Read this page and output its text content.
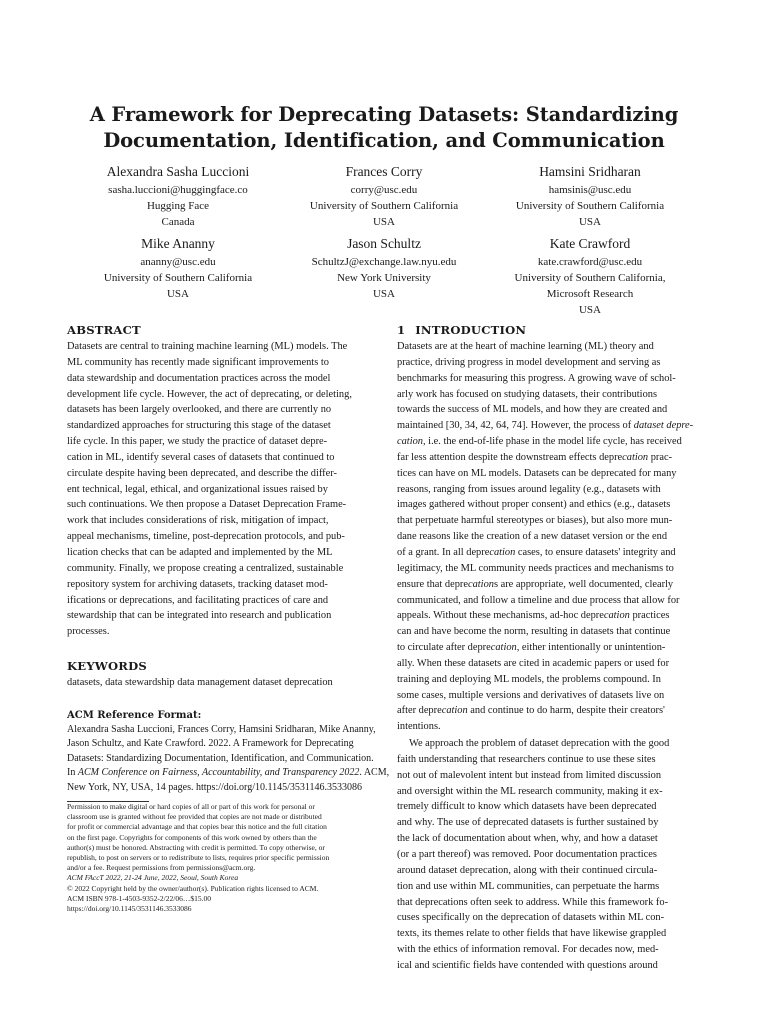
A Framework for Deprecating Datasets: Standardizing
Documentation, Identification, and Communication
Alexandra Sasha Luccioni
sasha.luccioni@huggingface.co
Hugging Face
Canada
Frances Corry
corry@usc.edu
University of Southern California
USA
Hamsini Sridharan
hamsinis@usc.edu
University of Southern California
USA
Mike Ananny
ananny@usc.edu
University of Southern California
USA
Jason Schultz
SchultzJ@exchange.law.nyu.edu
New York University
USA
Kate Crawford
kate.crawford@usc.edu
University of Southern California,
Microsoft Research
USA
ABSTRACT

Datasets are central to training machine learning (ML) models. The
ML community has recently made significant improvements to
data stewardship and documentation practices across the model
development life cycle. However, the act of deprecating, or deleting,
datasets has been largely overlooked, and there are currently no
standardized approaches for structuring this stage of the dataset
life cycle. In this paper, we study the practice of dataset depre-
cation in ML, identify several cases of datasets that continued to
circulate despite having been deprecated, and describe the differ-
ent technical, legal, ethical, and organizational issues raised by
such continuations. We then propose a Dataset Deprecation Frame-
work that includes considerations of risk, mitigation of impact,
appeal mechanisms, timeline, post-deprecation protocols, and pub-
lication checks that can be adapted and implemented by the ML
community. Finally, we propose creating a centralized, sustainable
repository system for archiving datasets, tracking dataset mod-
ifications or deprecations, and facilitating practices of care and
stewardship that can be integrated into research and publication
processes.

KEYWORDS

datasets, data stewardship data management dataset deprecation

ACM Reference Format:

Alexandra Sasha Luccioni, Frances Corry, Hamsini Sridharan, Mike Ananny,
Jason Schultz, and Kate Crawford. 2022. A Framework for Deprecating
Datasets: Standardizing Documentation, Identification, and Communication.
In ACM Conference on Fairness, Accountability, and Transparency 2022. ACM,
New York, NY, USA, 14 pages. https://doi.org/10.1145/3531146.3533086

Permission to make digital or hard copies of all or part of this work for personal or
classroom use is granted without fee provided that copies are not made or distributed
for profit or commercial advantage and that copies bear this notice and the full citation
on the first page. Copyrights for components of this work owned by others than the
author(s) must be honored. Abstracting with credit is permitted. To copy otherwise, or
republish, to post on servers or to redistribute to lists, requires prior specific permission
and/or a fee. Request permissions from permissions@acm.org.
ACM FAccT 2022, 21-24 June, 2022, Seoul, South Korea
© 2022 Copyright held by the owner/author(s). Publication rights licensed to ACM.
ACM ISBN 978-1-4503-9352-2/22/06…$15.00
https://doi.org/10.1145/3531146.3533086
1 INTRODUCTION

Datasets are at the heart of machine learning (ML) theory and
practice, driving progress in model development and serving as
benchmarks for measuring this progress. A growing wave of schol-
arly work has focused on studying datasets, their contributions
towards the success of ML models, and how they are created and
maintained [30, 34, 42, 64, 74]. However, the process of dataset depre-
cation, i.e. the end-of-life phase in the model life cycle, has received
far less attention despite the downstream effects deprecation prac-
tices can have on ML models. Datasets can be deprecated for many
reasons, ranging from issues around legality (e.g., datasets with
images gathered without proper consent) and ethics (e.g., datasets
that perpetuate harmful stereotypes or biases), but also more mun-
dane reasons like the creation of a new dataset version or the end
of a grant. In all deprecation cases, to ensure datasets' integrity and
legitimacy, the ML community needs practices and mechanisms to
ensure that deprecations are appropriate, well documented, clearly
communicated, and follow a timeline and due process that allow for
appeals. Without these mechanisms, ad-hoc deprecation practices
can and have become the norm, resulting in datasets that continue
to circulate after deprecation, either intentionally or unintention-
ally. When these datasets are cited in academic papers or used for
training and deploying ML models, the problems compound. In
some cases, multiple versions and derivatives of datasets live on
after deprecation and continue to do harm, despite their creators'
intentions.

We approach the problem of dataset deprecation with the good
faith understanding that researchers continue to use these sites
not out of malevolent intent but instead from limited discussion
and oversight within the ML research community, making it ex-
tremely difficult to know which datasets have been deprecated
and why. The use of deprecated datasets is further sustained by
the lack of documentation about when, why, and how a dataset
(or a part thereof) was removed. Poor documentation practices
around dataset deprecation, along with their continued circula-
tion and use within ML communities, can perpetuate the harms
that deprecations often seek to address. While this framework fo-
cuses specifically on the deprecation of datasets within ML con-
texts, its themes relate to other fields that have likewise grappled
with the ethics of information removal. For decades now, med-
ical and scientific fields have contended with questions around
